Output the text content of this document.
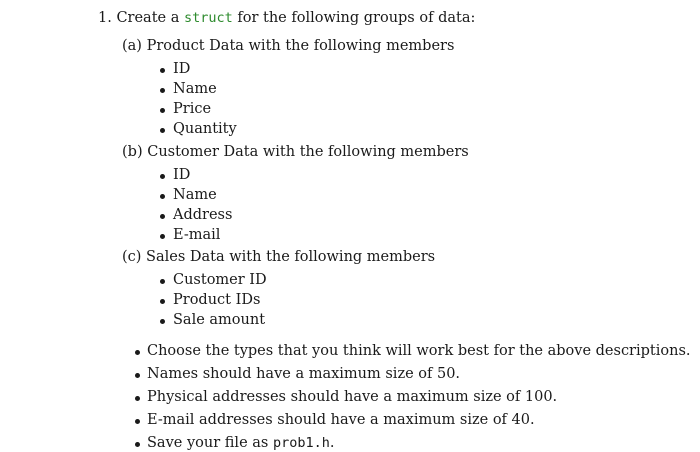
1. Create a struct for the following groups of data:
(a) Product Data with the following members
ID
Name
Price
Quantity
(b) Customer Data with the following members
ID
Name
Address
E-mail
(c) Sales Data with the following members
Customer ID
Product IDs
Sale amount
Choose the types that you think will work best for the above descriptions.
Names should have a maximum size of 50.
Physical addresses should have a maximum size of 100.
E-mail addresses should have a maximum size of 40.
Save your file as prob1.h.
